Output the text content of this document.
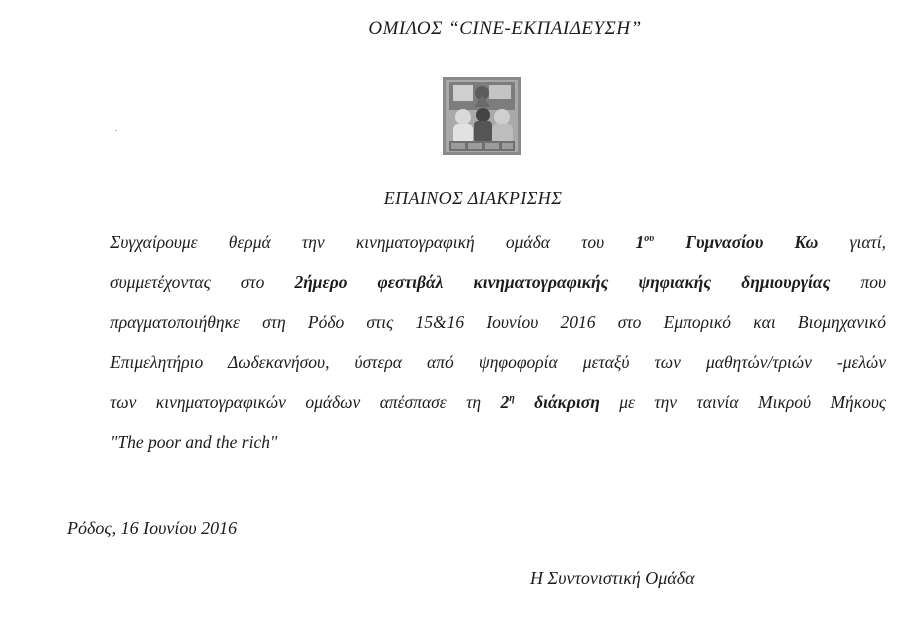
ΟΜΙΛΟΣ “CINE-ΕΚΠΑΙΔΕΥΣΗ”
ΕΠΑΙΝΟΣ ΔΙΑΚΡΙΣΗΣ
Συγχαίρουμε θερμά την κινηματογραφική ομάδα του $1^{o\upsilon}$ Γυμνασίου Κω γιατί,
συμμετέχοντας στο 2ήμερο φεστιβάλ κινηματογραφικής ψηφιακής δημιουργίας που
πραγματοποιήθηκε στη Ρόδο στις 15&16 Ιουνίου 2016 στο Εμπορικό και Βιομηχανικό
Επιμελητήριο Δωδεκανήσου, ύστερα από ψηφοφορία μεταξύ των μαθητών/τριών -μελών
των κινηματογραφικών ομάδων απέσπασε τη $2^\eta$ διάκριση με την ταινία Μικρού Μήκους
"The poor and the rich"
Ρόδος, 16 Ιουνίου 2016
Η Συντονιστική Ομάδα
